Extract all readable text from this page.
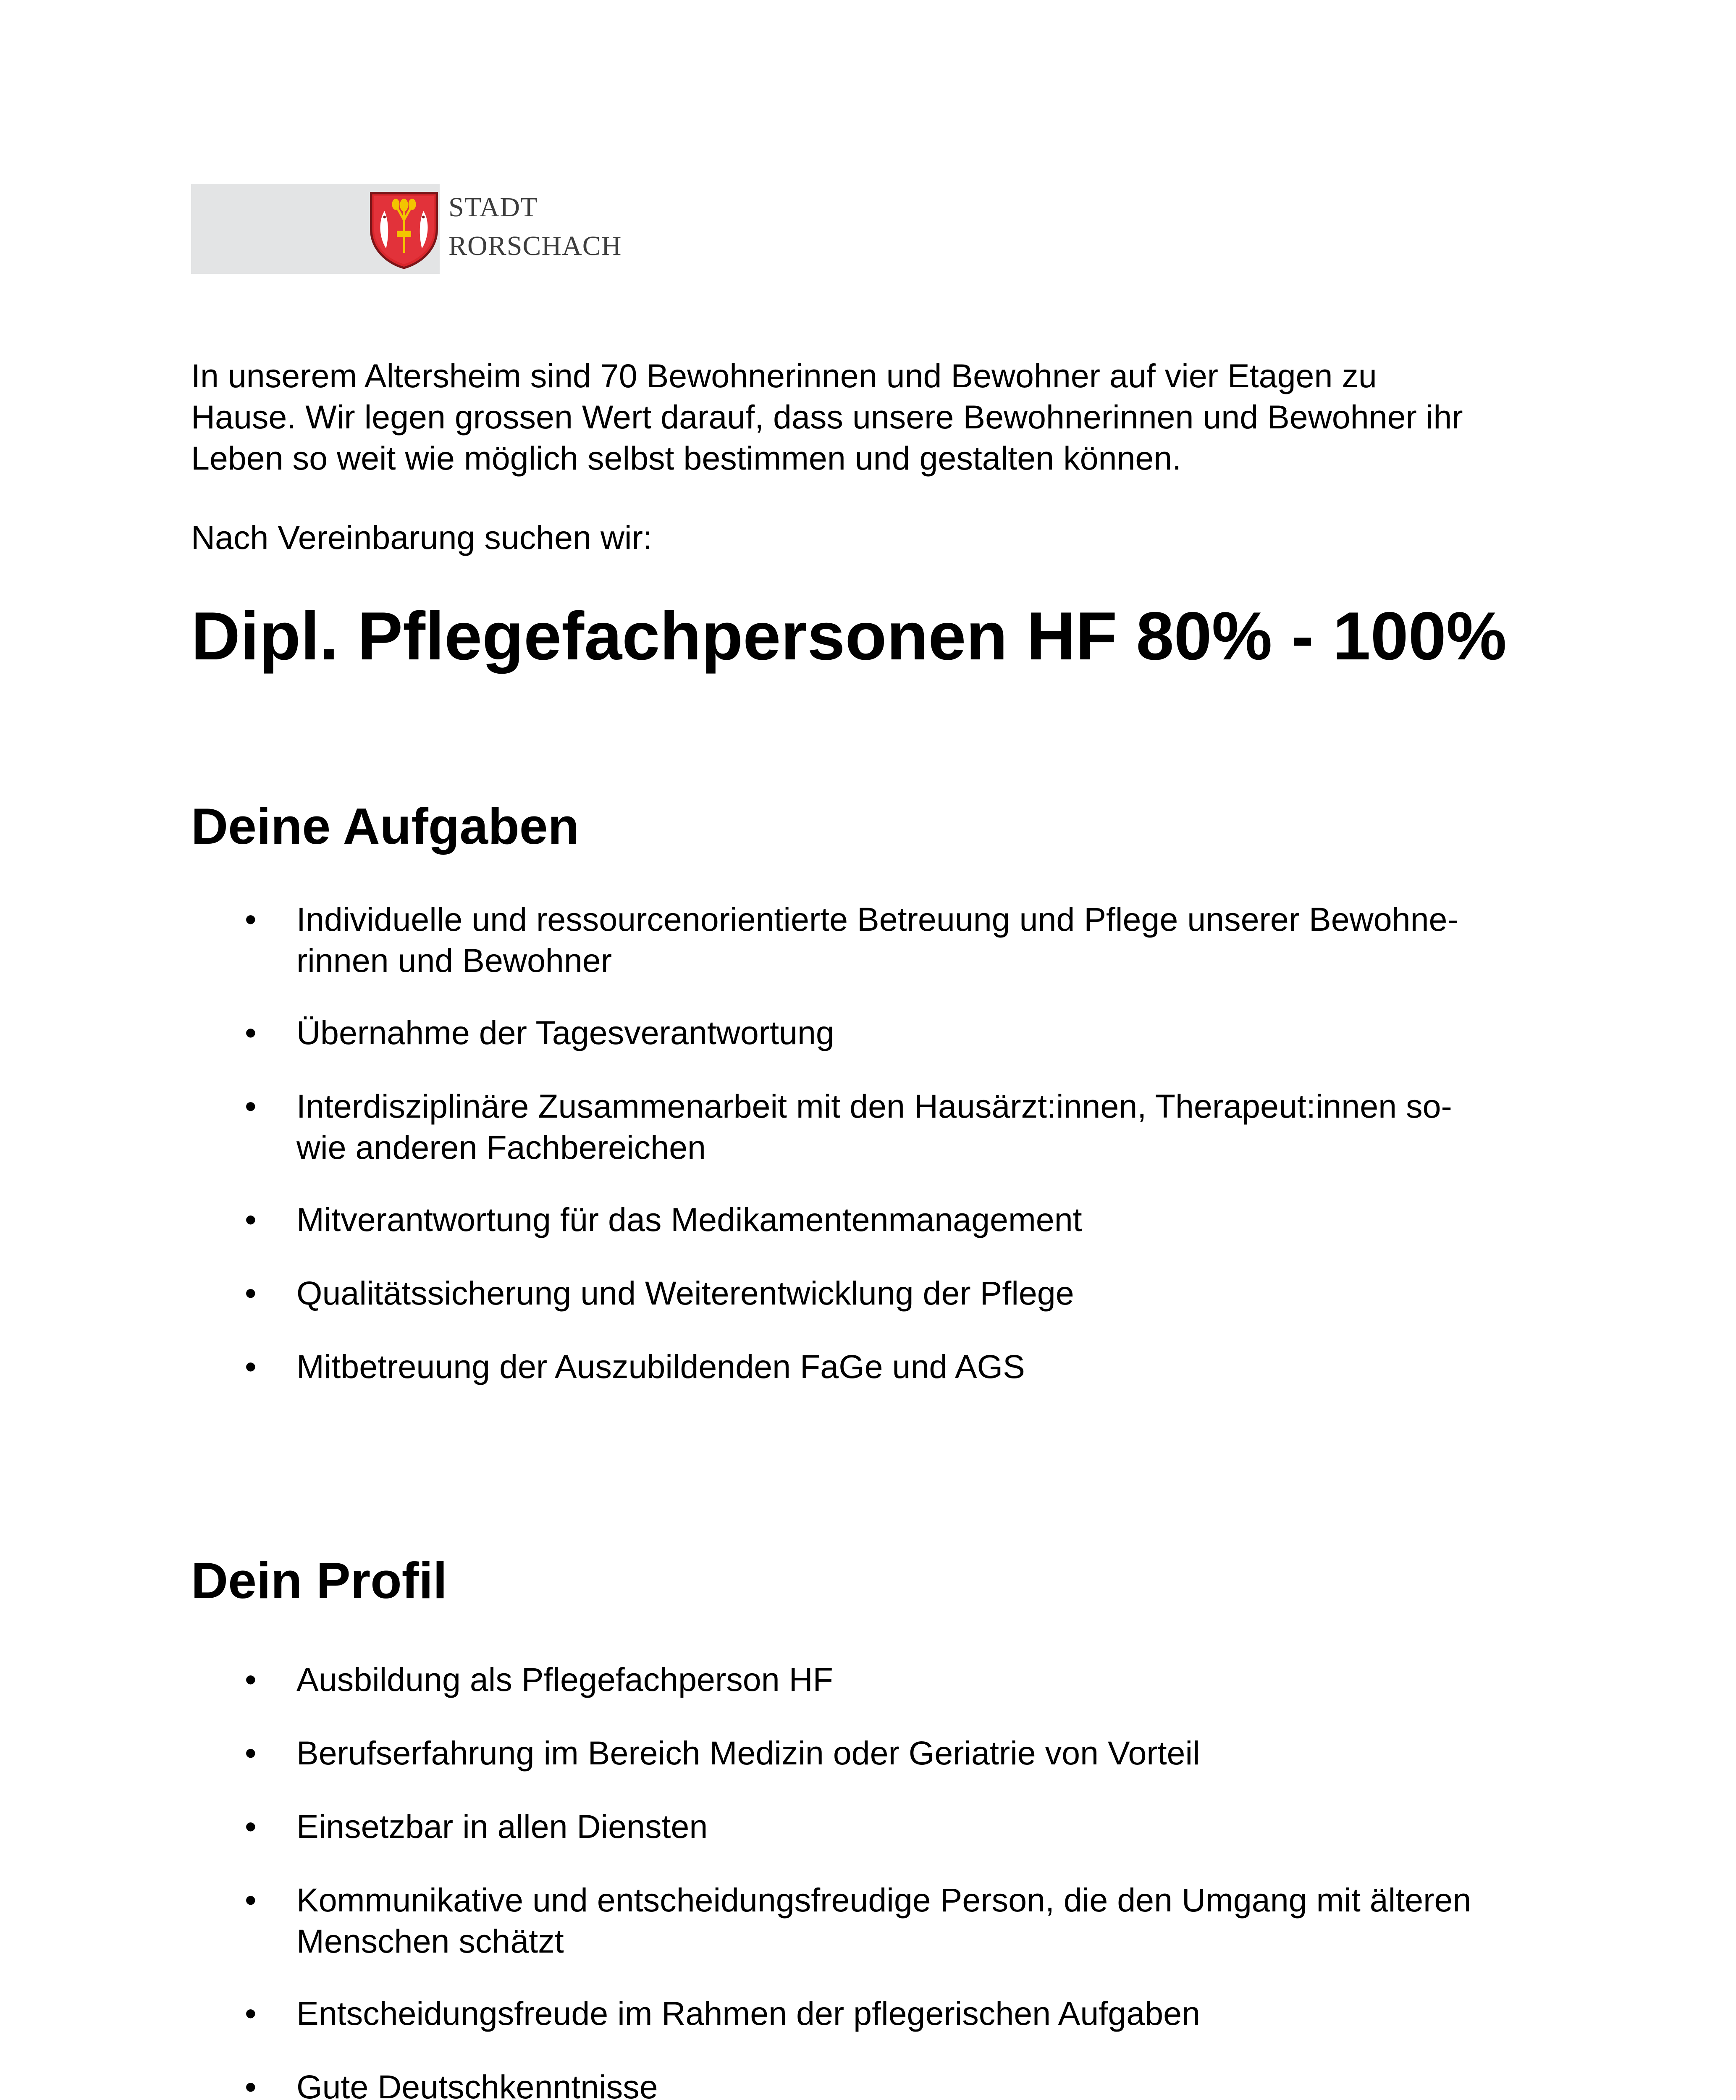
STADT
RORSCHACH

In unserem Altersheim sind 70 Bewohnerinnen und Bewohner auf vier Etagen zu
Hause. Wir legen grossen Wert darauf, dass unsere Bewohnerinnen und Bewohner ihr
Leben so weit wie möglich selbst bestimmen und gestalten können.

Nach Vereinbarung suchen wir:

Dipl. Pflegefachpersonen HF 80% - 100%
Deine Aufgaben
• Individuelle und ressourcenorientierte Betreuung und Pflege unserer Bewohne-
rinnen und Bewohner
• Übernahme der Tagesverantwortung
• Interdisziplinäre Zusammenarbeit mit den Hausärzt:innen, Therapeut:innen so-
wie anderen Fachbereichen
• Mitverantwortung für das Medikamentenmanagement
• Qualitätssicherung und Weiterentwicklung der Pflege
• Mitbetreuung der Auszubildenden FaGe und AGS
Dein Profil
• Ausbildung als Pflegefachperson HF
• Berufserfahrung im Bereich Medizin oder Geriatrie von Vorteil
• Einsetzbar in allen Diensten
• Kommunikative und entscheidungsfreudige Person, die den Umgang mit älteren
Menschen schätzt
• Entscheidungsfreude im Rahmen der pflegerischen Aufgaben
• Gute Deutschkenntnisse
